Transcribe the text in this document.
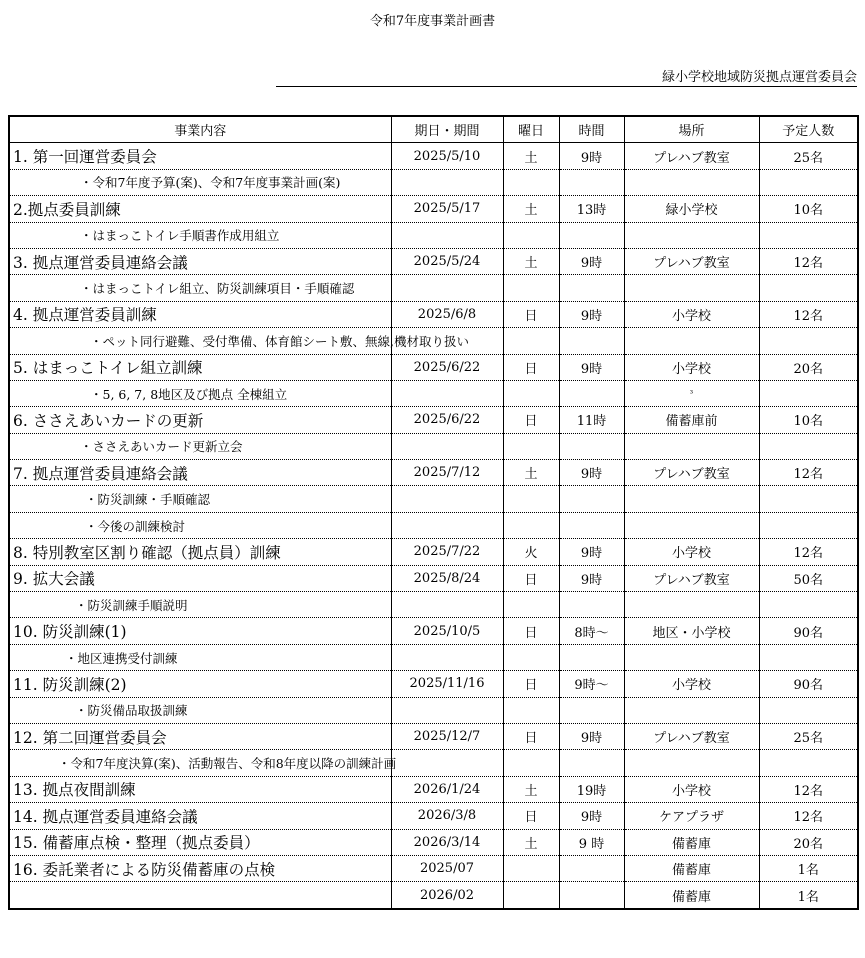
令和7年度事業計画書
緑小学校地域防災拠点運営委員会
事業内容	期日・期間	曜日	時間	場所	予定人数
1. 第一回運営委員会	2025/5/10	土	9時	プレハブ教室	25名
・令和7年度予算(案)、令和7年度事業計画(案)					
2.拠点委員訓練	2025/5/17	土	13時	緑小学校	10名
・はまっこトイレ手順書作成用組立					
3. 拠点運営委員連絡会議	2025/5/24	土	9時	プレハブ教室	12名
・はまっこトイレ組立、防災訓練項目・手順確認					
4. 拠点運営委員訓練	2025/6/8	日	9時	小学校	12名
・ペット同行避難、受付準備、体育館シート敷、無線,機材取り扱い					
5. はまっこトイレ組立訓練	2025/6/22	日	9時	小学校	20名
・5, 6, 7, 8地区及び拠点 全棟組立				³	
6. ささえあいカードの更新	2025/6/22	日	11時	備蓄庫前	10名
・ささえあいカード更新立会					
7. 拠点運営委員連絡会議	2025/7/12	土	9時	プレハブ教室	12名
・防災訓練・手順確認					
・今後の訓練検討					
8. 特別教室区割り確認（拠点員）訓練	2025/7/22	火	9時	小学校	12名
9. 拡大会議	2025/8/24	日	9時	プレハブ教室	50名
・防災訓練手順説明					
10. 防災訓練(1)	2025/10/5	日	8時～	地区・小学校	90名
・地区連携受付訓練					
11. 防災訓練(2)	2025/11/16	日	9時～	小学校	90名
・防災備品取扱訓練					
12. 第二回運営委員会	2025/12/7	日	9時	プレハブ教室	25名
・令和7年度決算(案)、活動報告、令和8年度以降の訓練計画					
13. 拠点夜間訓練	2026/1/24	土	19時	小学校	12名
14. 拠点運営委員連絡会議	2026/3/8	日	9時	ケアプラザ	12名
15. 備蓄庫点検・整理（拠点委員）	2026/3/14	土	9 時	備蓄庫	20名
16. 委託業者による防災備蓄庫の点検	2025/07			備蓄庫	1名
	2026/02			備蓄庫	1名
